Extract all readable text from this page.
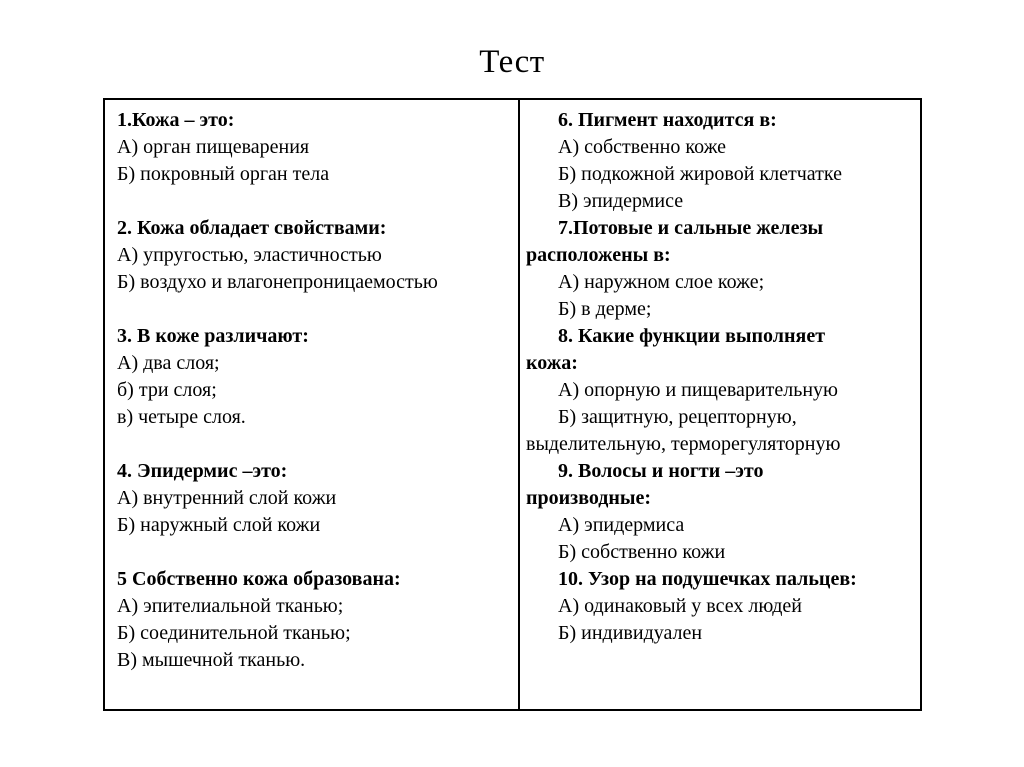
Тест

1.Кожа – это:

А) орган пищеварения

Б) покровный орган тела

2. Кожа обладает свойствами:

А) упругостью, эластичностью

Б) воздухо и влагонепроницаемостью

3. В коже различают:

А) два слоя;

б) три слоя;

в) четыре слоя.

4. Эпидермис –это:

А) внутренний слой кожи

Б) наружный слой кожи

5 Собственно кожа образована:

А) эпителиальной тканью;

Б) соединительной тканью;

В) мышечной тканью.

6. Пигмент находится в:

А) собственно коже

Б) подкожной жировой клетчатке

В) эпидермисе

7.Потовые и сальные железы

расположены в:

А) наружном слое коже;

Б) в дерме;

8. Какие функции выполняет

кожа:

А) опорную и пищеварительную

Б) защитную, рецепторную,

выделительную, терморегуляторную

9. Волосы и ногти –это

производные:

А) эпидермиса

Б) собственно кожи

10. Узор на подушечках пальцев:

А) одинаковый у всех людей

Б) индивидуален
